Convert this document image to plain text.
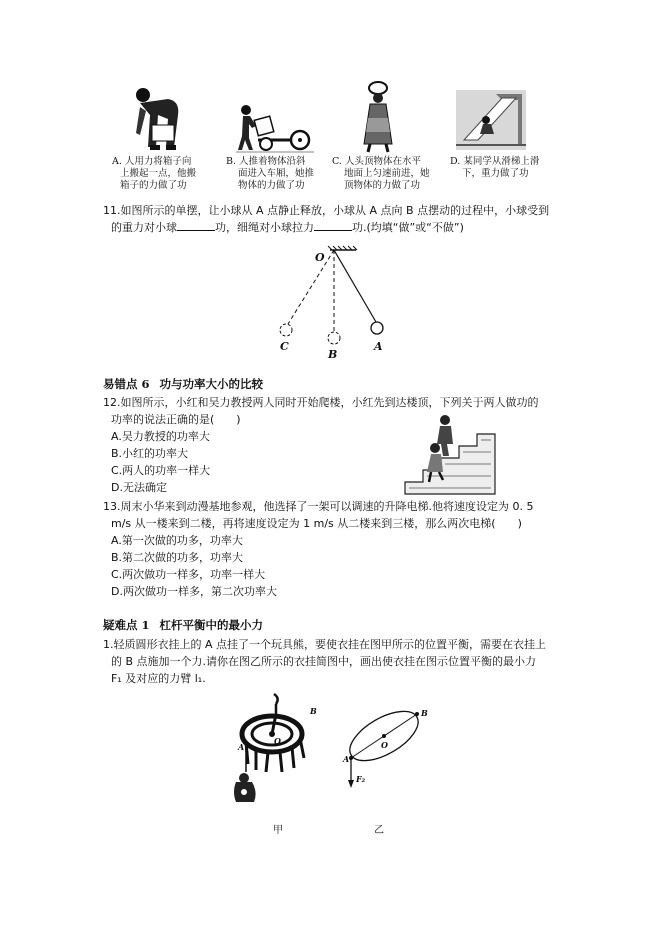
A. 人用力将箱子向
上搬起一点，他搬
箱子的力做了功
B. 人推着物体沿斜
面进入车厢，她推
物体的力做了功
C. 人头顶物体在水平
地面上匀速前进，她
顶物体的力做了功
D. 某同学从滑梯上滑
下，重力做了功
11.如图所示的单摆，让小球从 A 点静止释放，小球从 A 点向 B 点摆动的过程中，小球受到
的重力对小球	功，细绳对小球拉力	功.(均填“做”或“不做”)
O
C
B
A
易错点 6 功与功率大小的比较
12.如图所示，小红和吴力教授两人同时开始爬楼，小红先到达楼顶，下列关于两人做功的
功率的说法正确的是(　　)
A.吴力教授的功率大
B.小红的功率大
C.两人的功率一样大
D.无法确定
13.周末小华来到动漫基地参观，他选择了一架可以调速的升降电梯.他将速度设定为 0. 5
m/s 从一楼来到二楼，再将速度设定为 1 m/s 从二楼来到三楼，那么两次电梯(　　)
A.第一次做的功多，功率大
B.第二次做的功多，功率大
C.两次做功一样多，功率一样大
D.两次做功一样多，第二次功率大
疑难点 1 杠杆平衡中的最小力
1.轻质圆形衣挂上的 A 点挂了一个玩具熊，要使衣挂在图甲所示的位置平衡，需要在衣挂上
的 B 点施加一个力.请你在图乙所示的衣挂简图中，画出使衣挂在图示位置平衡的最小力
F₁ 及对应的力臂 l₁.
B
O
A
B
O
A
F₂
甲	乙
